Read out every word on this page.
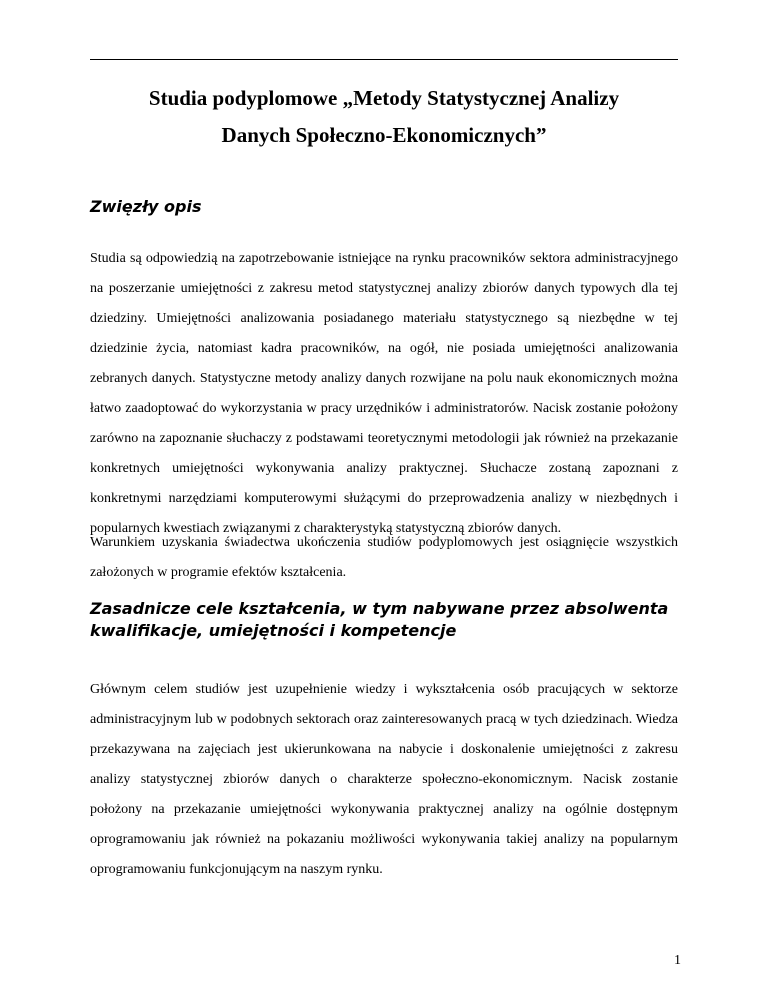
Studia podyplomowe „Metody Statystycznej Analizy
Danych Społeczno-Ekonomicznych”
Zwięzły opis

Studia są odpowiedzią na zapotrzebowanie istniejące na rynku pracowników sektora administracyjnego na poszerzanie umiejętności z zakresu metod statystycznej analizy zbiorów danych typowych dla tej dziedziny. Umiejętności analizowania posiadanego materiału statystycznego są niezbędne w tej dziedzinie życia, natomiast kadra pracowników, na ogół, nie posiada umiejętności analizowania zebranych danych. Statystyczne metody analizy danych rozwijane na polu nauk ekonomicznych można łatwo zaadoptować do wykorzystania w pracy urzędników i administratorów. Nacisk zostanie położony zarówno na zapoznanie słuchaczy z podstawami teoretycznymi metodologii jak również na przekazanie konkretnych umiejętności wykonywania analizy praktycznej. Słuchacze zostaną zapoznani z konkretnymi narzędziami komputerowymi służącymi do przeprowadzenia analizy w niezbędnych i popularnych kwestiach związanymi z charakterystyką statystyczną zbiorów danych.

Warunkiem uzyskania świadectwa ukończenia studiów podyplomowych jest osiągnięcie wszystkich założonych w programie efektów kształcenia.

Zasadnicze cele kształcenia, w tym nabywane przez absolwenta
kwalifikacje, umiejętności i kompetencje

Głównym celem studiów jest uzupełnienie wiedzy i wykształcenia osób pracujących w sektorze administracyjnym lub w podobnych sektorach oraz zainteresowanych pracą w tych dziedzinach. Wiedza przekazywana na zajęciach jest ukierunkowana na nabycie i doskonalenie umiejętności z zakresu analizy statystycznej zbiorów danych o charakterze społeczno-ekonomicznym. Nacisk zostanie położony na przekazanie umiejętności wykonywania praktycznej analizy na ogólnie dostępnym oprogramowaniu jak również na pokazaniu możliwości wykonywania takiej analizy na popularnym oprogramowaniu funkcjonującym na naszym rynku.

1
